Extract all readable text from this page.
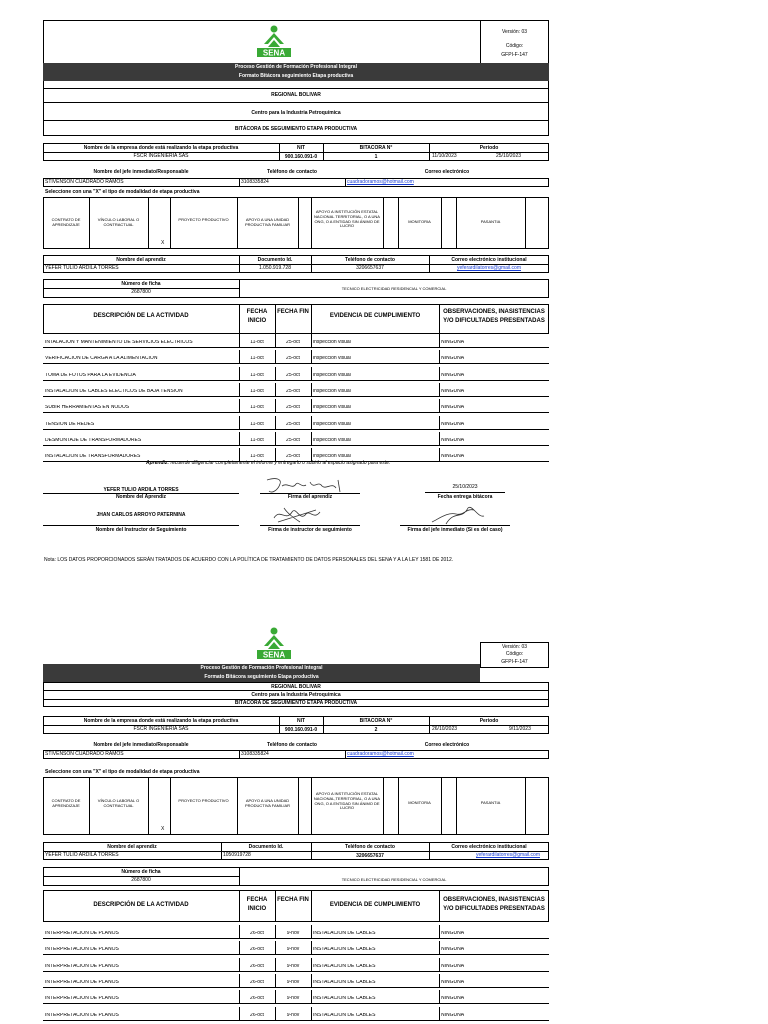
SENA
Versión: 03
Código:
GFPI-F-147
Proceso Gestión de Formación Profesional Integral
Formato Bitácora seguimiento Etapa productiva
REGIONAL BOLIVAR
Centro para la Industria Petroquímica
BITÁCORA DE SEGUIMIENTO ETAPA PRODUCTIVA
Nombre de la empresa donde está realizando la etapa productiva	NIT	BITACORA N°	Periodo
FSCR INGENIERIA SAS	900.160.091-0	1	11/10/2023	25/10/2023
Nombre del jefe inmediato/Responsable	Teléfono de contacto	Correo electrónico
STIVENSON CUADRADO RAMOS	3108335824	cuadradoramos@hotmail.com
Seleccione con una "X" el tipo de modalidad de etapa productiva
CONTRATO DE APRENDIZAJE
VÍNCULO LABORAL O CONTRACTUAL
PROYECTO PRODUCTIVO	APOYO A UNA UNIDAD PRODUCTIVA FAMILIAR
APOYO A INSTITUCIÓN ESTATAL NACIONAL TERRITORIAL, O A UNA ONG, O A ENTIDAD SIN ÁNIMO DE LUCRO
MONITORIA	PASANTIA
X
Nombre del aprendiz	Documento Id.	Teléfono de contacto	Correo electrónico institucional
YEFER TULIO ARDILA TORRES	1.050.919.728	3206657637	yeferardilatorres@gmail.com
Número de ficha
2687800
TECNICO ELECTRICIDAD RESIDENCIAL Y COMERCIAL
DESCRIPCIÓN DE LA ACTIVIDAD
FECHA INICIO
FECHA FIN
EVIDENCIA DE CUMPLIMIENTO
OBSERVACIONES, INASISTENCIAS Y/O DIFICULTADES PRESENTADAS
INTALACION Y MANTENIMIENTO DE SERVICIOS ELECTRICOS	11-oct	25-oct	inspeccion visual	NINGUNA
VERIFICACION DE CARGA A LA ALIMENTACION	11-oct	25-oct	inspeccion visual	NINGUNA
TOMA DE FOTOS PARA LA EVIDENCIA	11-oct	25-oct	inspeccion visual	NINGUNA
INSTALACION DE CABLES ELECTICOS DE BAJA TENSION	11-oct	25-oct	inspeccion visual	NINGUNA
SUBIR HERRAMIENTAS EN NODOS	11-oct	25-oct	inspeccion visual	NINGUNA
TENSION DE REDES	11-oct	25-oct	inspeccion visual	NINGUNA
DESMONTAJE DE TRANSFORMADORES	11-oct	25-oct	inspeccion visual	NINGUNA
INSTALACION DE TRANSFORMADORES	11-oct	25-oct	inspeccion visual	NINGUNA
Aprendiz: recuerde diligenciar completamente el informe y entregarlo o subirlo al espacio asignado para este.
YEFER TULIO ARDILA TORRES
Nombre del Aprendiz	Firma del aprendiz
25/10/2023
Fecha entrega bitácora
JHAN CARLOS ARROYO PATERNINA
Nombre del Instructor de Seguimiento	Firma de instructor de seguimiento	Firma del jefe inmediato (Si es del caso)
Nota: LOS DATOS PROPORCIONADOS SERÁN TRATADOS DE ACUERDO CON LA POLÍTICA DE TRATAMIENTO DE DATOS PERSONALES DEL SENA Y A LA LEY 1581 DE 2012.
SENA
Versión: 03
Código:
GFPI-F-147
Proceso Gestión de Formación Profesional Integral
Formato Bitácora seguimiento Etapa productiva
REGIONAL BOLIVAR
Centro para la Industria Petroquímica
BITÁCORA DE SEGUIMIENTO ETAPA PRODUCTIVA
Nombre de la empresa donde está realizando la etapa productiva	NIT	BITACORA N°	Periodo
FSCR INGENIERIA SAS	900.160.091-0	2	26/10/2023	9/11/2023
Nombre del jefe inmediato/Responsable	Teléfono de contacto	Correo electrónico
STIVENSON CUADRADO RAMOS	3108335824	cuadradoramos@hotmail.com
Seleccione con una "X" el tipo de modalidad de etapa productiva
CONTRATO DE APRENDIZAJE
VÍNCULO LABORAL O CONTRACTUAL
PROYECTO PRODUCTIVO	APOYO A UNA UNIDAD PRODUCTIVA FAMILIAR
APOYO A INSTITUCIÓN ESTATAL NACIONAL,TERRITORIAL, O A UNA ONG, O A ENTIDAD SIN ÁNIMO DE LUCRO
MONITORIA	PASANTIA
X
Nombre del aprendiz	Documento Id.	Teléfono de contacto	Correo electrónico institucional
YEFER TULIO ARDILA TORRES	1050919728	3206657637	yeferardilatorres@gmail.com
Número de ficha
2687800	TECNICO ELECTRICIDAD RESIDENCIAL Y COMERCIAL
DESCRIPCIÓN DE LA ACTIVIDAD
FECHA INICIO
FECHA FIN
EVIDENCIA DE CUMPLIMIENTO
OBSERVACIONES, INASISTENCIAS Y/O DIFICULTADES PRESENTADAS
INTERPRETACION DE PLANOS	26-oct	9-nov	INSTALACION DE CABLES	NINGUNA
INTERPRETACION DE PLANOS	26-oct	9-nov	INSTALACION DE CABLES	NINGUNA
INTERPRETACION DE PLANOS	26-oct	9-nov	INSTALACION DE CABLES	NINGUNA
INTERPRETACION DE PLANOS	26-oct	9-nov	INSTALACION DE CABLES	NINGUNA
INTERPRETACION DE PLANOS	26-oct	9-nov	INSTALACION DE CABLES	NINGUNA
INTERPRETACION DE PLANOS	26-oct	9-nov	INSTALACION DE CABLES	NINGUNA
